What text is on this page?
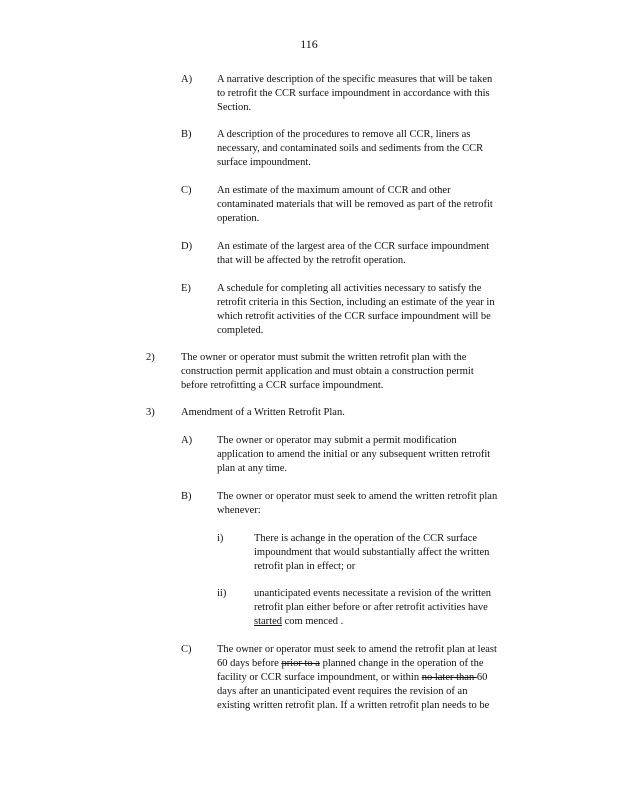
116
A) A narrative description of the specific measures that will be taken
to retrofit the CCR surface impoundment in accordance with this
Section.
B) A description of the procedures to remove all CCR, liners as
necessary, and contaminated soils and sediments from the CCR
surface impoundment.
C) An estimate of the maximum amount of CCR and other
contaminated materials that will be removed as part of the retrofit
operation.
D) An estimate of the largest area of the CCR surface impoundment
that will be affected by the retrofit operation.
E) A schedule for completing all activities necessary to satisfy the
retrofit criteria in this Section, including an estimate of the year in
which retrofit activities of the CCR surface impoundment will be
completed.
2)	The owner or operator must submit the written retrofit plan with the
construction permit application and must obtain a construction permit
before retrofitting a CCR surface impoundment.
3)	Amendment of a Written Retrofit Plan.
A) The owner or operator may submit a permit modification
application to amend the initial or any subsequent written retrofit
plan at any time.
B) The owner or operator must seek to amend the written retrofit plan
whenever:
i)	There is achange in the operation of the CCR surface
impoundment that would substantially affect the written
retrofit plan in effect; or
ii)	unanticipated events necessitate a revision of the written
retrofit plan either before or after retrofit activities have
started com menced .
C) The owner or operator must seek to amend the retrofit plan at least
60 days before prior to a planned change in the operation of the
facility or CCR surface impoundment, or within no later than 60
days after an unanticipated event requires the revision of an
existing written retrofit plan. If a written retrofit plan needs to be
